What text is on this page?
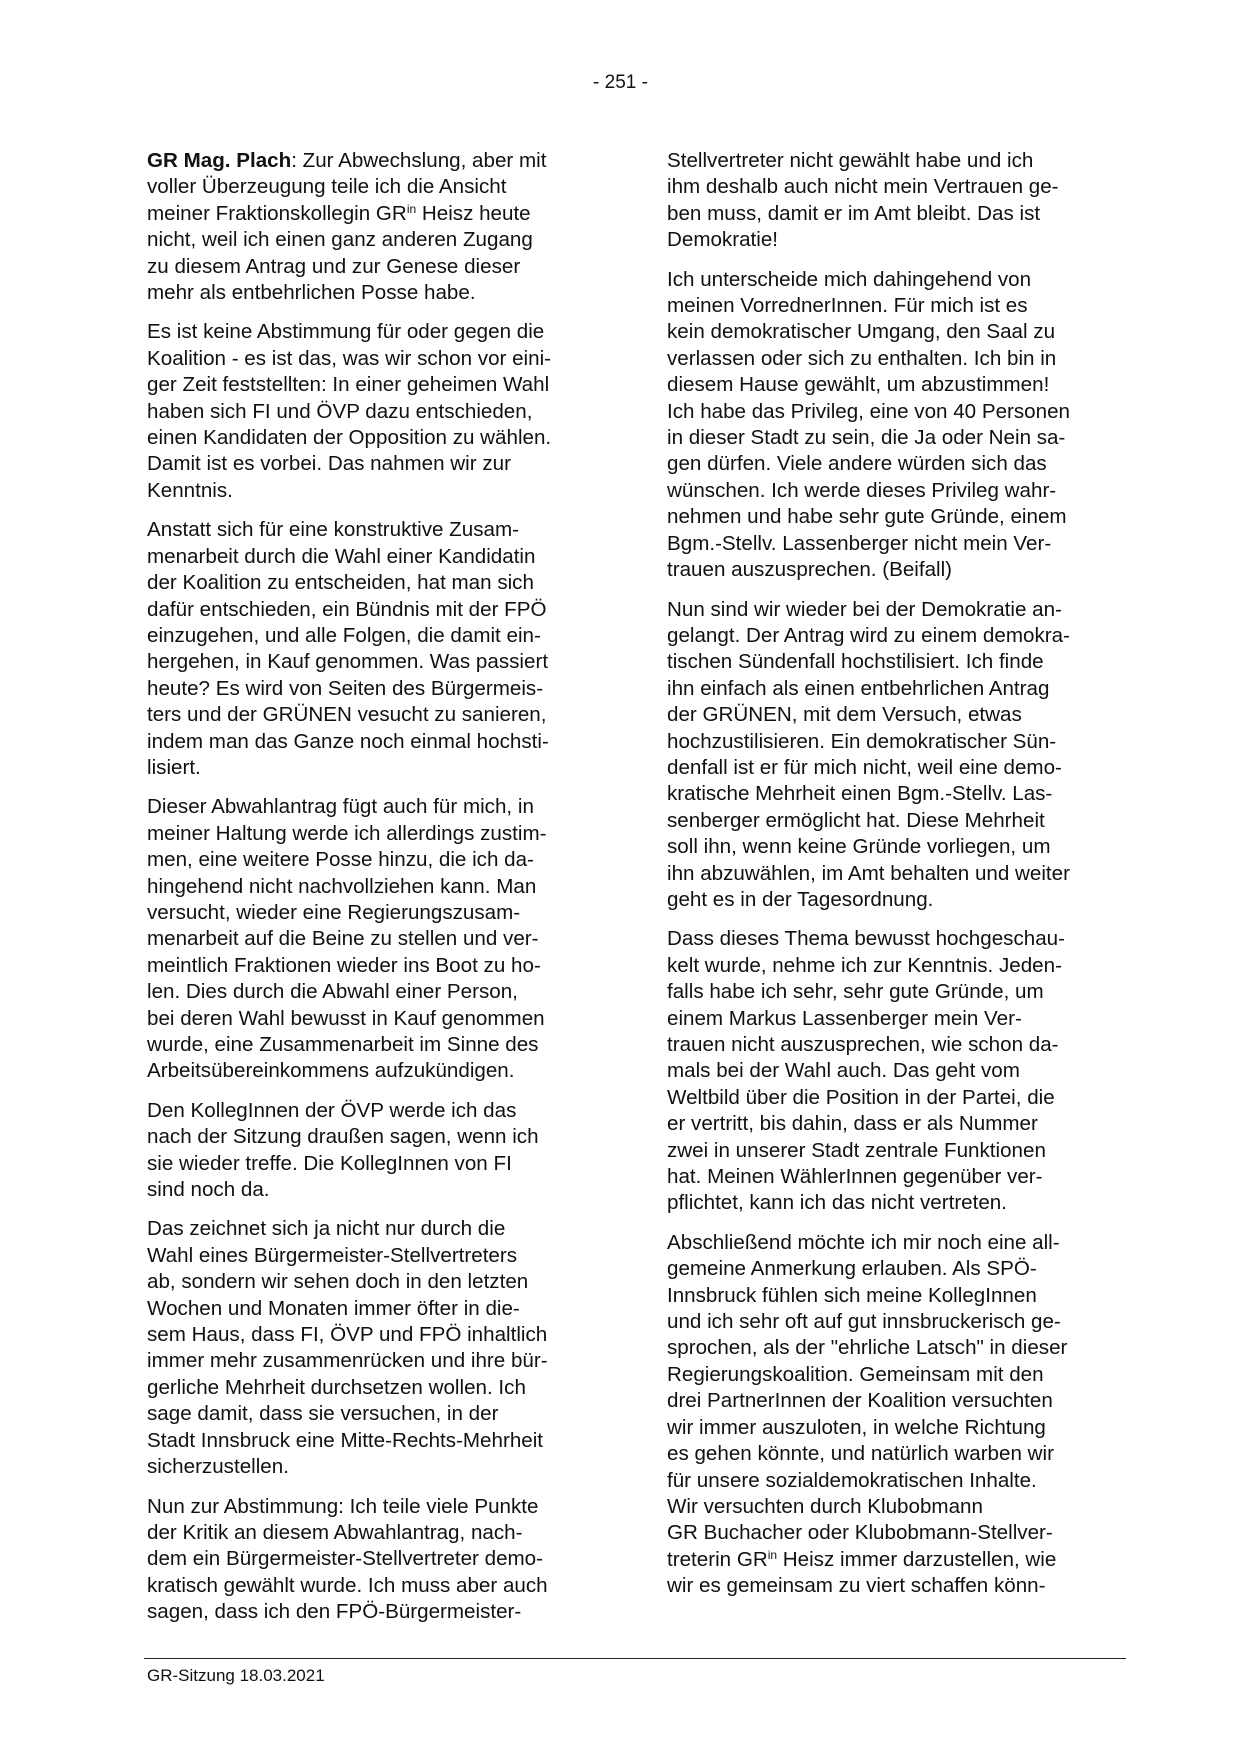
- 251 -

GR Mag. Plach: Zur Abwechslung, aber mit
voller Überzeugung teile ich die Ansicht
meiner Fraktionskollegin $GR^{in}$ Heisz heute
nicht, weil ich einen ganz anderen Zugang
zu diesem Antrag und zur Genese dieser
mehr als entbehrlichen Posse habe.

Es ist keine Abstimmung für oder gegen die
Koalition - es ist das, was wir schon vor eini-
ger Zeit feststellten: In einer geheimen Wahl
haben sich FI und ÖVP dazu entschieden,
einen Kandidaten der Opposition zu wählen.
Damit ist es vorbei. Das nahmen wir zur
Kenntnis.

Anstatt sich für eine konstruktive Zusam-
menarbeit durch die Wahl einer Kandidatin
der Koalition zu entscheiden, hat man sich
dafür entschieden, ein Bündnis mit der FPÖ
einzugehen, und alle Folgen, die damit ein-
hergehen, in Kauf genommen. Was passiert
heute? Es wird von Seiten des Bürgermeis-
ters und der GRÜNEN vesucht zu sanieren,
indem man das Ganze noch einmal hochsti-
lisiert.

Dieser Abwahlantrag fügt auch für mich, in
meiner Haltung werde ich allerdings zustim-
men, eine weitere Posse hinzu, die ich da-
hingehend nicht nachvollziehen kann. Man
versucht, wieder eine Regierungszusam-
menarbeit auf die Beine zu stellen und ver-
meintlich Fraktionen wieder ins Boot zu ho-
len. Dies durch die Abwahl einer Person,
bei deren Wahl bewusst in Kauf genommen
wurde, eine Zusammenarbeit im Sinne des
Arbeitsübereinkommens aufzukündigen.

Den KollegInnen der ÖVP werde ich das
nach der Sitzung draußen sagen, wenn ich
sie wieder treffe. Die KollegInnen von FI
sind noch da.

Das zeichnet sich ja nicht nur durch die
Wahl eines Bürgermeister-Stellvertreters
ab, sondern wir sehen doch in den letzten
Wochen und Monaten immer öfter in die-
sem Haus, dass FI, ÖVP und FPÖ inhaltlich
immer mehr zusammenrücken und ihre bür-
gerliche Mehrheit durchsetzen wollen. Ich
sage damit, dass sie versuchen, in der
Stadt Innsbruck eine Mitte-Rechts-Mehrheit
sicherzustellen.

Nun zur Abstimmung: Ich teile viele Punkte
der Kritik an diesem Abwahlantrag, nach-
dem ein Bürgermeister-Stellvertreter demo-
kratisch gewählt wurde. Ich muss aber auch
sagen, dass ich den FPÖ-Bürgermeister-

Stellvertreter nicht gewählt habe und ich
ihm deshalb auch nicht mein Vertrauen ge-
ben muss, damit er im Amt bleibt. Das ist
Demokratie!

Ich unterscheide mich dahingehend von
meinen VorrednerInnen. Für mich ist es
kein demokratischer Umgang, den Saal zu
verlassen oder sich zu enthalten. Ich bin in
diesem Hause gewählt, um abzustimmen!
Ich habe das Privileg, eine von 40 Personen
in dieser Stadt zu sein, die Ja oder Nein sa-
gen dürfen. Viele andere würden sich das
wünschen. Ich werde dieses Privileg wahr-
nehmen und habe sehr gute Gründe, einem
Bgm.-Stellv. Lassenberger nicht mein Ver-
trauen auszusprechen. (Beifall)

Nun sind wir wieder bei der Demokratie an-
gelangt. Der Antrag wird zu einem demokra-
tischen Sündenfall hochstilisiert. Ich finde
ihn einfach als einen entbehrlichen Antrag
der GRÜNEN, mit dem Versuch, etwas
hochzustilisieren. Ein demokratischer Sün-
denfall ist er für mich nicht, weil eine demo-
kratische Mehrheit einen Bgm.-Stellv. Las-
senberger ermöglicht hat. Diese Mehrheit
soll ihn, wenn keine Gründe vorliegen, um
ihn abzuwählen, im Amt behalten und weiter
geht es in der Tagesordnung.

Dass dieses Thema bewusst hochgeschau-
kelt wurde, nehme ich zur Kenntnis. Jeden-
falls habe ich sehr, sehr gute Gründe, um
einem Markus Lassenberger mein Ver-
trauen nicht auszusprechen, wie schon da-
mals bei der Wahl auch. Das geht vom
Weltbild über die Position in der Partei, die
er vertritt, bis dahin, dass er als Nummer
zwei in unserer Stadt zentrale Funktionen
hat. Meinen WählerInnen gegenüber ver-
pflichtet, kann ich das nicht vertreten.

Abschließend möchte ich mir noch eine all-
gemeine Anmerkung erlauben. Als SPÖ-
Innsbruck fühlen sich meine KollegInnen
und ich sehr oft auf gut innsbruckerisch ge-
sprochen, als der "ehrliche Latsch" in dieser
Regierungskoalition. Gemeinsam mit den
drei PartnerInnen der Koalition versuchten
wir immer auszuloten, in welche Richtung
es gehen könnte, und natürlich warben wir
für unsere sozialdemokratischen Inhalte.
Wir versuchten durch Klubobmann
GR Buchacher oder Klubobmann-Stellver-
treterin $GR^{in}$ Heisz immer darzustellen, wie
wir es gemeinsam zu viert schaffen könn-

GR-Sitzung 18.03.2021
